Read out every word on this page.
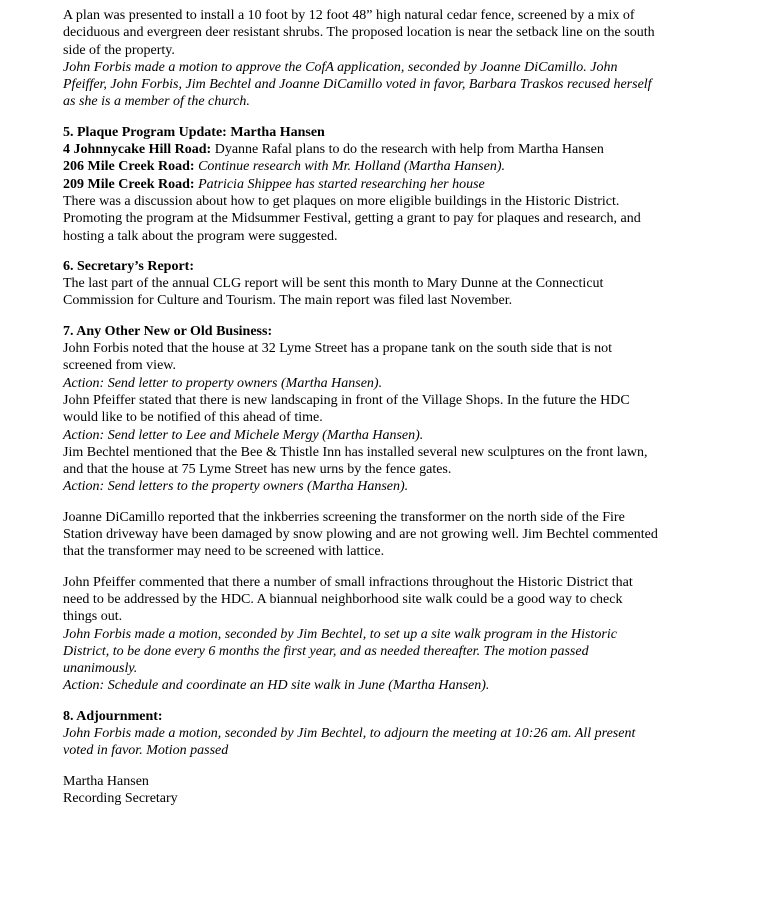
A plan was presented to install a 10 foot by 12 foot 48” high natural cedar fence, screened by a mix of

deciduous and evergreen deer resistant shrubs. The proposed location is near the setback line on the south

side of the property.

John Forbis made a motion to approve the CofA application, seconded by Joanne DiCamillo. John

Pfeiffer, John Forbis, Jim Bechtel and Joanne DiCamillo voted in favor, Barbara Traskos recused herself

as she is a member of the church.

5. Plaque Program Update: Martha Hansen

4 Johnnycake Hill Road: Dyanne Rafal plans to do the research with help from Martha Hansen

206 Mile Creek Road: Continue research with Mr. Holland (Martha Hansen).

209 Mile Creek Road: Patricia Shippee has started researching her house

There was a discussion about how to get plaques on more eligible buildings in the Historic District.

Promoting the program at the Midsummer Festival, getting a grant to pay for plaques and research, and

hosting a talk about the program were suggested.

6. Secretary’s Report:

The last part of the annual CLG report will be sent this month to Mary Dunne at the Connecticut

Commission for Culture and Tourism. The main report was filed last November.

7. Any Other New or Old Business:

John Forbis noted that the house at 32 Lyme Street has a propane tank on the south side that is not

screened from view.

Action: Send letter to property owners (Martha Hansen).

John Pfeiffer stated that there is new landscaping in front of the Village Shops. In the future the HDC

would like to be notified of this ahead of time.

Action: Send letter to Lee and Michele Mergy (Martha Hansen).

Jim Bechtel mentioned that the Bee & Thistle Inn has installed several new sculptures on the front lawn,

and that the house at 75 Lyme Street has new urns by the fence gates.

Action: Send letters to the property owners (Martha Hansen).

Joanne DiCamillo reported that the inkberries screening the transformer on the north side of the Fire

Station driveway have been damaged by snow plowing and are not growing well. Jim Bechtel commented

that the transformer may need to be screened with lattice.

John Pfeiffer commented that there a number of small infractions throughout the Historic District that

need to be addressed by the HDC. A biannual neighborhood site walk could be a good way to check

things out.

John Forbis made a motion, seconded by Jim Bechtel, to set up a site walk program in the Historic

District, to be done every 6 months the first year, and as needed thereafter. The motion passed

unanimously.

Action: Schedule and coordinate an HD site walk in June (Martha Hansen).

8. Adjournment:

John Forbis made a motion, seconded by Jim Bechtel, to adjourn the meeting at 10:26 am. All present

voted in favor. Motion passed

Martha Hansen

Recording Secretary
